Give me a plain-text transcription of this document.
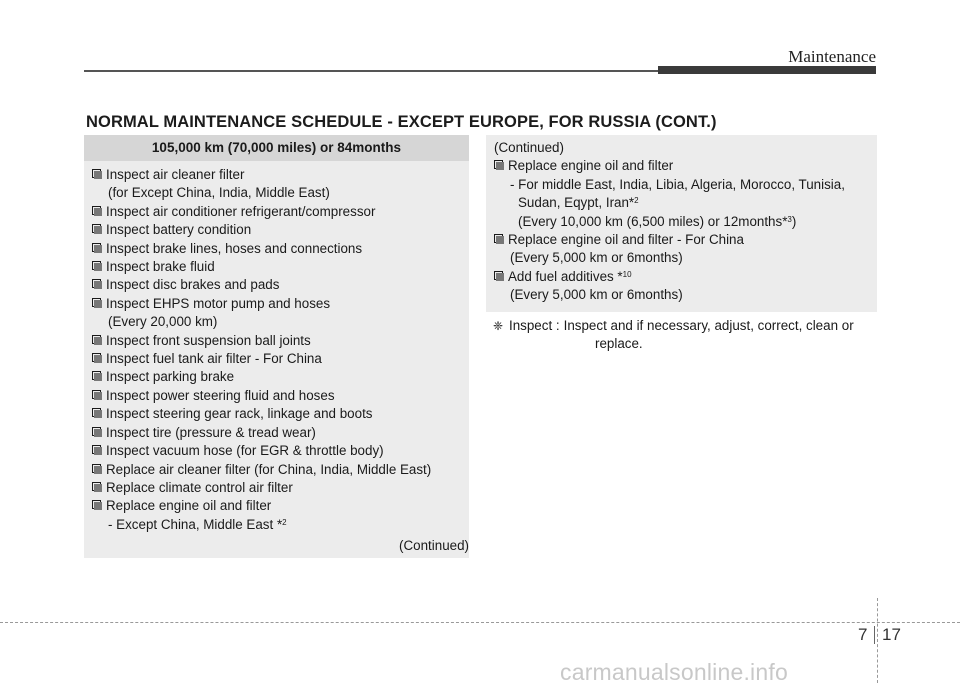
Maintenance
NORMAL MAINTENANCE SCHEDULE - EXCEPT EUROPE, FOR RUSSIA (CONT.)
105,000 km (70,000 miles) or 84months
Inspect air cleaner filter
(for Except China, India, Middle East)
Inspect air conditioner refrigerant/compressor
Inspect battery condition
Inspect brake lines, hoses and connections
Inspect brake fluid
Inspect disc brakes and pads
Inspect EHPS motor pump and hoses
(Every 20,000 km)
Inspect front suspension ball joints
Inspect fuel tank air filter - For China
Inspect parking brake
Inspect power steering fluid and hoses
Inspect steering gear rack, linkage and boots
Inspect tire (pressure & tread wear)
Inspect vacuum hose (for EGR & throttle body)
Replace air cleaner filter (for China, India, Middle East)
Replace climate control air filter
Replace engine oil and filter
- Except China, Middle East *$^2$
(Continued)
(Continued)
Replace engine oil and filter
- For middle East, India, Libia, Algeria, Morocco, Tunisia,
Sudan, Eqypt, Iran*$^2$
(Every 10,000 km (6,500 miles) or 12months*$^3$)
Replace engine oil and filter - For China
(Every 5,000 km or 6months)
Add fuel additives *$^{10}$
(Every 5,000 km or 6months)
❈ Inspect : Inspect and if necessary, adjust, correct, clean or
replace.
7 17
carmanualsonline.info
